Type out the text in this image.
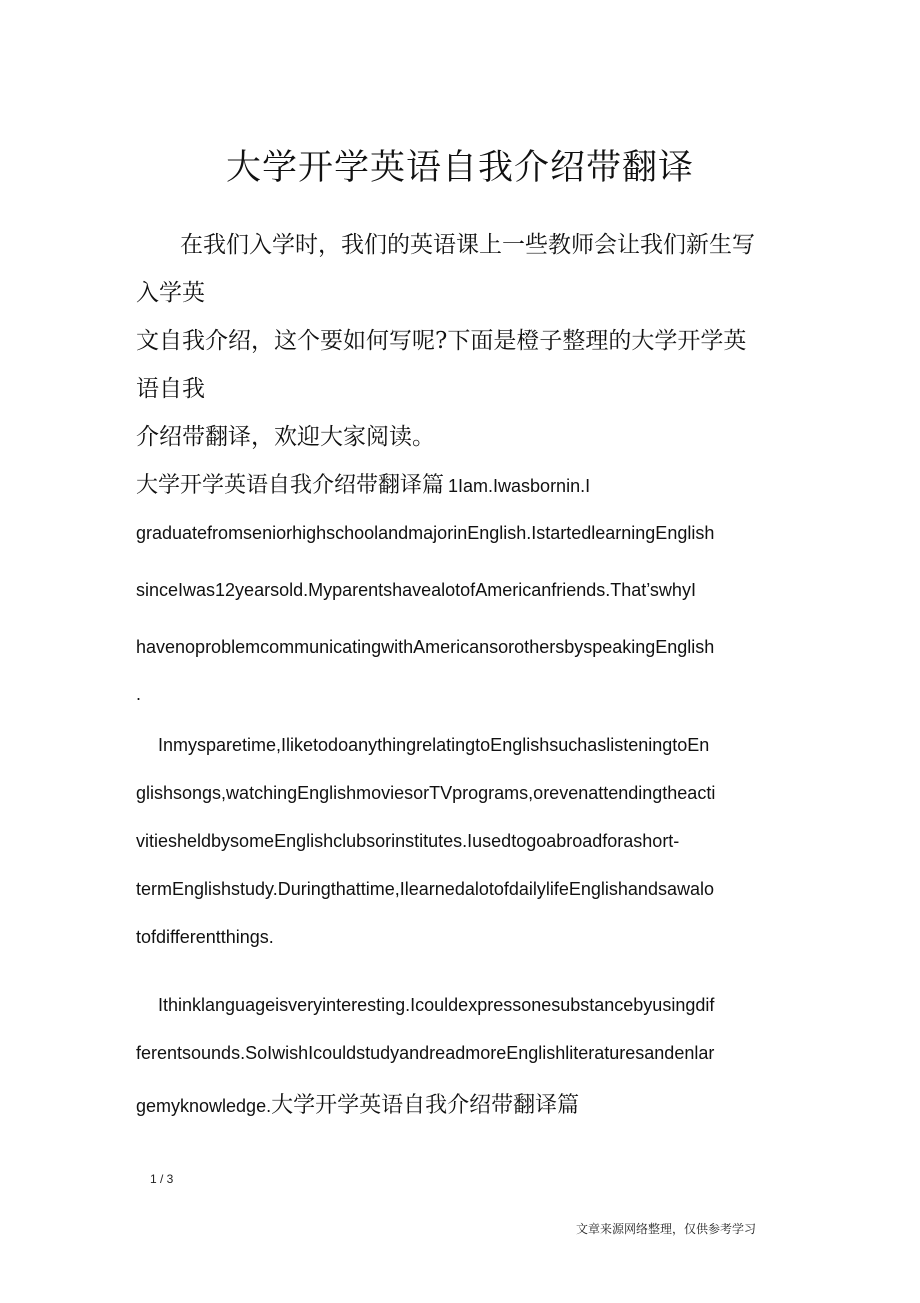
大学开学英语自我介绍带翻译
在我们入学时，我们的英语课上一些教师会让我们新生写
入学英
文自我介绍，这个要如何写呢?下面是橙子整理的大学开学英
语自我
介绍带翻译，欢迎大家阅读。
大学开学英语自我介绍带翻译篇 1Iam.Iwasbornin.I
graduatefromseniorhighschoolandmajorinEnglish.IstartedlearningEnglish
sinceIwas12yearsold.MyparentshavealotofAmericanfriends.That’swhyI
havenoproblemcommunicatingwithAmericansorothersbyspeakingEnglish
.
Inmysparetime,IliketodoanythingrelatingtoEnglishsuchaslisteningtoEn
glishsongs,watchingEnglishmoviesorTVprograms,orevenattendingtheacti
vitiesheldbysomeEnglishclubsorinstitutes.Iusedtogoabroadforashort-
termEnglishstudy.Duringthattime,IlearnedalotofdailylifeEnglishandsawalo
tofdifferentthings.
Ithinklanguageisveryinteresting.Icouldexpressonesubstancebyusingdif
ferentsounds.SoIwishIcouldstudyandreadmoreEnglishliteraturesandenlar
gemyknowledge.大学开学英语自我介绍带翻译篇
1 / 3
文章来源网络整理，仅供参考学习
